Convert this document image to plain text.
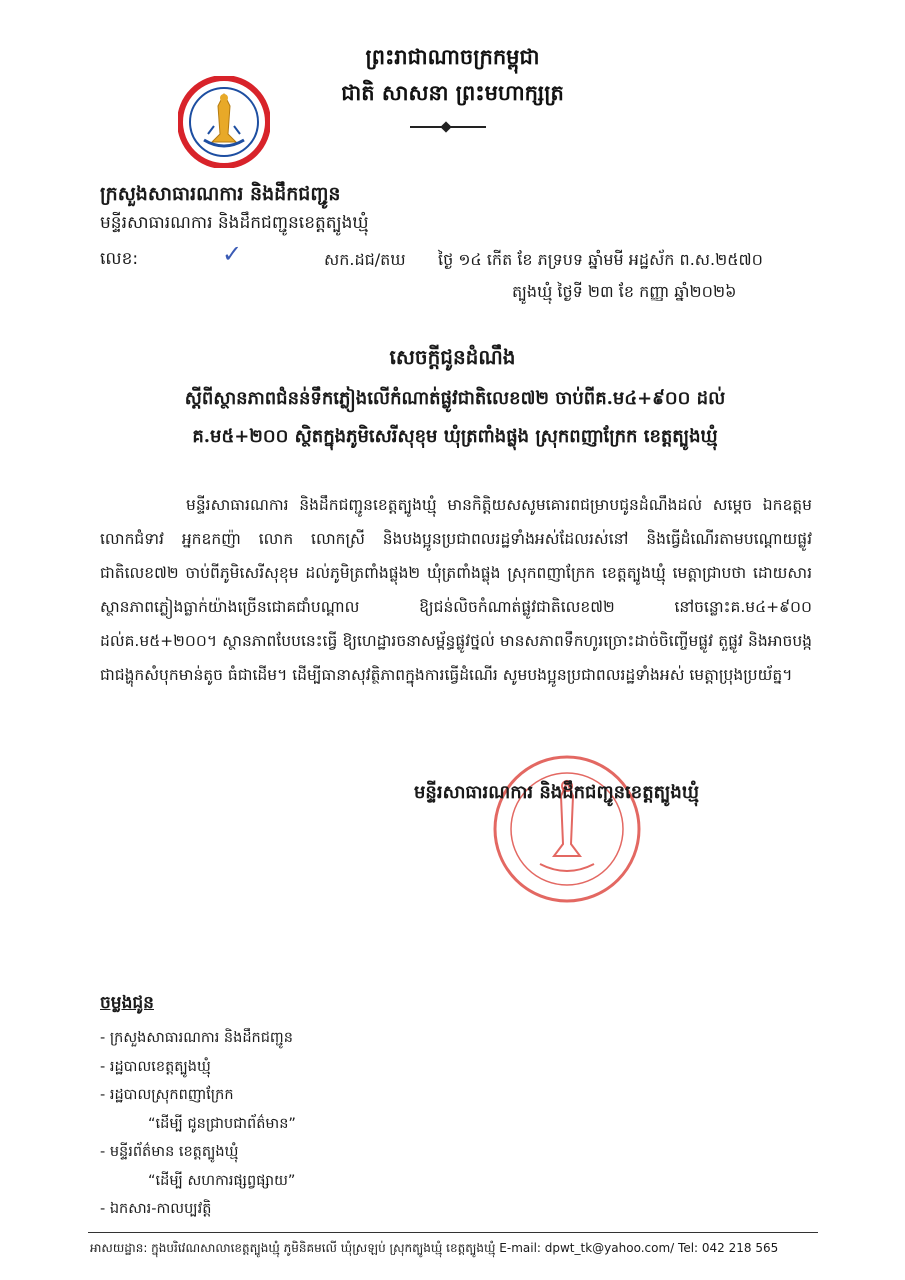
ព្រះរាជាណាចក្រកម្ពុជា
ជាតិ សាសនា ព្រះមហាក្សត្រ
ក្រសួងសាធារណការ និងដឹកជញ្ជូន
មន្ទីរសាធារណការ និងដឹកជញ្ជូនខេត្តត្បូងឃ្មុំ
លេខ:	✓	សក.ដជ/តឃ ថ្ងៃ ១៤ កើត ខែ ភទ្របទ ឆ្នាំមមី អដ្ឋស័ក ព.ស.២៥៧០
ត្បូងឃ្មុំ ថ្ងៃទី ២៣ ខែ កញ្ញា ឆ្នាំ២០២៦
សេចក្តីជូនដំណឹង
ស្តីពីស្ថានភាពជំនន់ទឹកភ្លៀងលើកំណាត់ផ្លូវជាតិលេខ៧២ ចាប់ពីគ.ម៤+៩០០ ដល់
គ.ម៥+២០០ ស្ថិតក្នុងភូមិសេរីសុខុម ឃុំត្រពាំងផ្លុង ស្រុកពញាក្រែក ខេត្តត្បូងឃ្មុំ
មន្ទីរសាធារណការ និងដឹកជញ្ជូនខេត្តត្បូងឃ្មុំ មានកិត្តិយសសូមគោរពជម្រាបជូនដំណឹងដល់ សម្តេច ឯកឧត្តម លោកជំទាវ អ្នកឧកញ៉ា លោក លោកស្រី និងបងប្អូនប្រជាពលរដ្ឋទាំងអស់ដែលរស់នៅ និងធ្វើដំណើរតាមបណ្តោយផ្លូវជាតិលេខ៧២ ចាប់ពីភូមិសេរីសុខុម ដល់ភូមិត្រពាំងផ្លុង២ ឃុំត្រពាំងផ្លុង ស្រុកពញាក្រែក ខេត្តត្បូងឃ្មុំ មេត្តាជ្រាបថា ដោយសារស្ថានភាពភ្លៀងធ្លាក់យ៉ាងច្រើនជោគជាំបណ្តាល ឱ្យជន់លិចកំណាត់ផ្លូវជាតិលេខ៧២ នៅចន្លោះគ.ម៤+៩០០ ដល់គ.ម៥+២០០។ ស្ថានភាពបែបនេះធ្វើ ឱ្យហេដ្ឋារចនាសម្ព័ន្ធផ្លូវថ្នល់ មានសភាពទឹកហូរច្រោះដាច់ចិញ្ចើមផ្លូវ តួផ្លូវ និងអាចបង្កជាជង្ហុកសំបុកមាន់តូច ធំជាដើម។ ដើម្បីធានាសុវត្ថិភាពក្នុងការធ្វើដំណើរ សូមបងប្អូនប្រជាពលរដ្ឋទាំងអស់ មេត្តាប្រុងប្រយ័ត្ន។
មន្ទីរសាធារណការ និងដឹកជញ្ជូនខេត្តត្បូងឃ្មុំ
ចម្លងជូន
- ក្រសួងសាធារណការ និងដឹកជញ្ជូន
- រដ្ឋបាលខេត្តត្បូងឃ្មុំ
- រដ្ឋបាលស្រុកពញាក្រែក
“ដើម្បី ជូនជ្រាបជាព័ត៌មាន”
- មន្ទីរព័ត៌មាន ខេត្តត្បូងឃ្មុំ
“ដើម្បី សហការផ្សព្វផ្សាយ”
- ឯកសារ-កាលប្បវត្តិ
អាសយដ្ឋាន: ក្នុងបរិវេណសាលាខេត្តត្បូងឃ្មុំ ភូមិនិគមលើ ឃុំស្រឡប់ ស្រុកត្បូងឃ្មុំ ខេត្តត្បូងឃ្មុំ E-mail: dpwt_tk@yahoo.com/ Tel: 042 218 565
